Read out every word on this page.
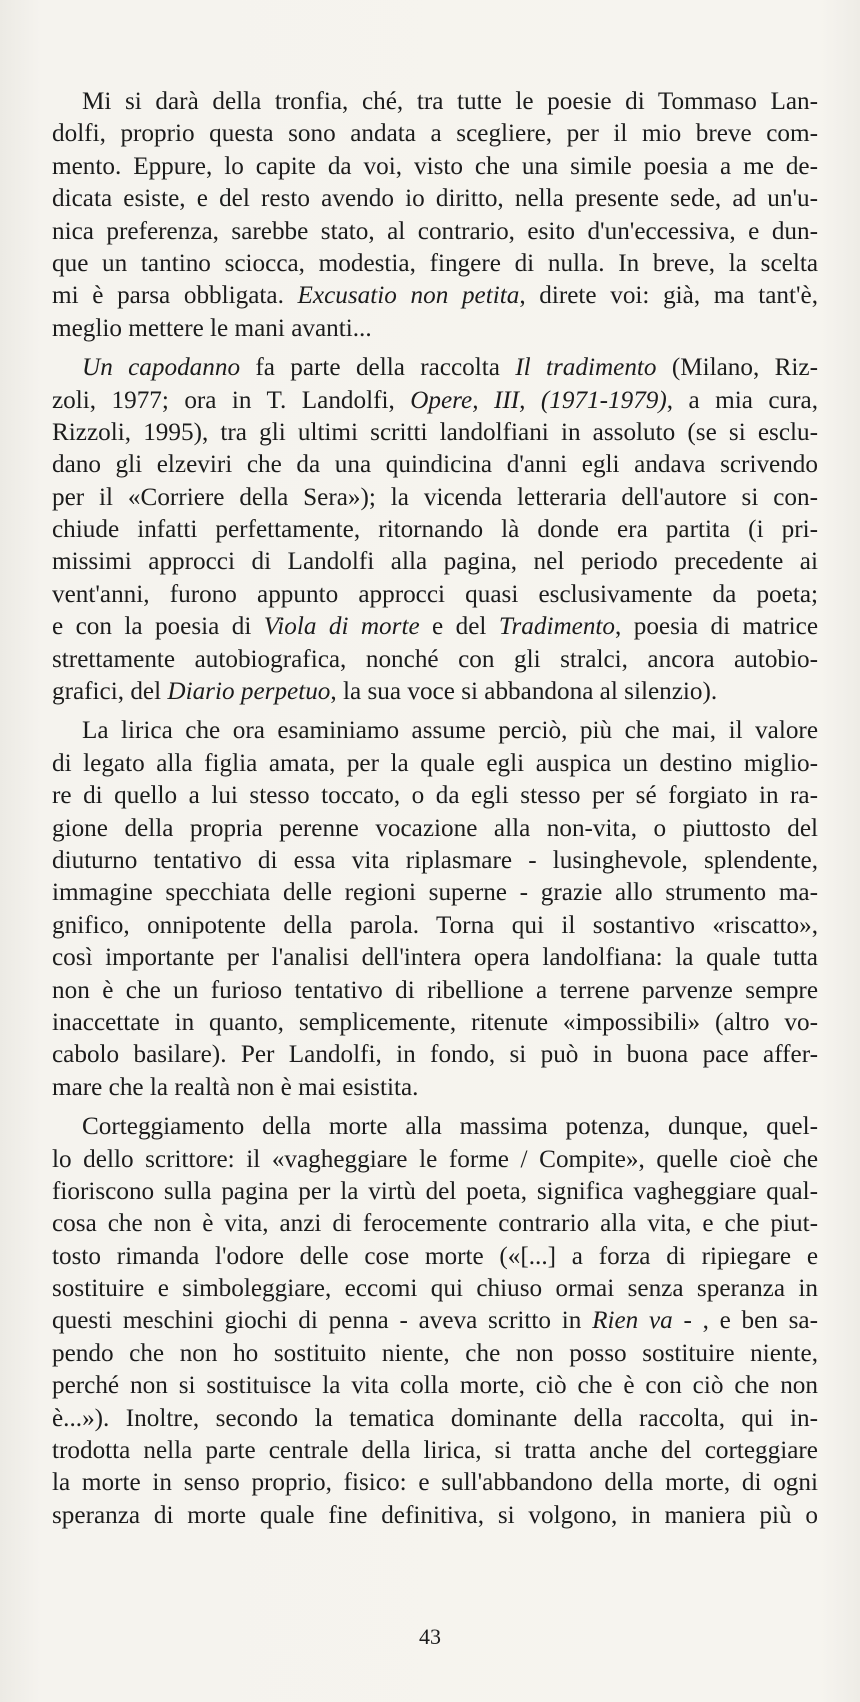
Mi si darà della tronfia, ché, tra tutte le poesie di Tommaso Lan-
dolfi, proprio questa sono andata a scegliere, per il mio breve com-
mento. Eppure, lo capite da voi, visto che una simile poesia a me de-
dicata esiste, e del resto avendo io diritto, nella presente sede, ad un'u-
nica preferenza, sarebbe stato, al contrario, esito d'un'eccessiva, e dun-
que un tantino sciocca, modestia, fingere di nulla. In breve, la scelta
mi è parsa obbligata. Excusatio non petita, direte voi: già, ma tant'è,
meglio mettere le mani avanti...
Un capodanno fa parte della raccolta Il tradimento (Milano, Riz-
zoli, 1977; ora in T. Landolfi, Opere, III, (1971-1979), a mia cura,
Rizzoli, 1995), tra gli ultimi scritti landolfiani in assoluto (se si esclu-
dano gli elzeviri che da una quindicina d'anni egli andava scrivendo
per il «Corriere della Sera»); la vicenda letteraria dell'autore si con-
chiude infatti perfettamente, ritornando là donde era partita (i pri-
missimi approcci di Landolfi alla pagina, nel periodo precedente ai
vent'anni, furono appunto approcci quasi esclusivamente da poeta;
e con la poesia di Viola di morte e del Tradimento, poesia di matrice
strettamente autobiografica, nonché con gli stralci, ancora autobio-
grafici, del Diario perpetuo, la sua voce si abbandona al silenzio).
La lirica che ora esaminiamo assume perciò, più che mai, il valore
di legato alla figlia amata, per la quale egli auspica un destino miglio-
re di quello a lui stesso toccato, o da egli stesso per sé forgiato in ra-
gione della propria perenne vocazione alla non-vita, o piuttosto del
diuturno tentativo di essa vita riplasmare - lusinghevole, splendente,
immagine specchiata delle regioni superne - grazie allo strumento ma-
gnifico, onnipotente della parola. Torna qui il sostantivo «riscatto»,
così importante per l'analisi dell'intera opera landolfiana: la quale tutta
non è che un furioso tentativo di ribellione a terrene parvenze sempre
inaccettate in quanto, semplicemente, ritenute «impossibili» (altro vo-
cabolo basilare). Per Landolfi, in fondo, si può in buona pace affer-
mare che la realtà non è mai esistita.
Corteggiamento della morte alla massima potenza, dunque, quel-
lo dello scrittore: il «vagheggiare le forme / Compite», quelle cioè che
fioriscono sulla pagina per la virtù del poeta, significa vagheggiare qual-
cosa che non è vita, anzi di ferocemente contrario alla vita, e che piut-
tosto rimanda l'odore delle cose morte («[...] a forza di ripiegare e
sostituire e simboleggiare, eccomi qui chiuso ormai senza speranza in
questi meschini giochi di penna - aveva scritto in Rien va - , e ben sa-
pendo che non ho sostituito niente, che non posso sostituire niente,
perché non si sostituisce la vita colla morte, ciò che è con ciò che non
è...»). Inoltre, secondo la tematica dominante della raccolta, qui in-
trodotta nella parte centrale della lirica, si tratta anche del corteggiare
la morte in senso proprio, fisico: e sull'abbandono della morte, di ogni
speranza di morte quale fine definitiva, si volgono, in maniera più o
43
